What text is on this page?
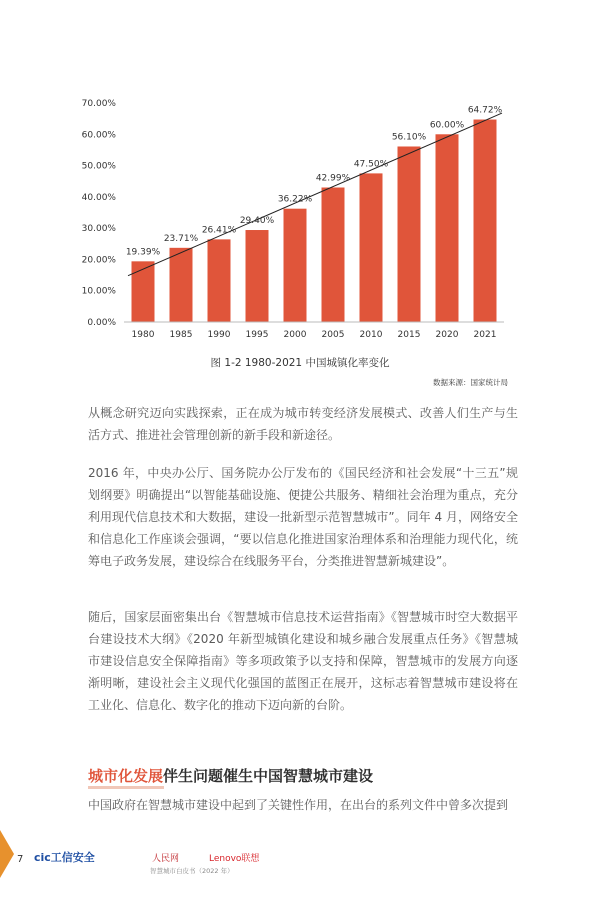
0.00%
10.00%
20.00%
30.00%
40.00%
50.00%
60.00%
70.00%
19.39%
23.71%
26.41%
29.40%
36.22%
42.99%
47.50%
56.10%
60.00%
64.72%
1980 1985 1990 1995 2000 2005 2010 2015 2020 2021
图 1-2 1980-2021 中国城镇化率变化
数据来源：国家统计局

从概念研究迈向实践探索，正在成为城市转变经济发展模式、改善人们生产与生活方式、推进社会管理创新的新手段和新途径。

2016 年，中央办公厅、国务院办公厅发布的《国民经济和社会发展“十三五”规划纲要》明确提出“以智能基础设施、便捷公共服务、精细社会治理为重点，充分利用现代信息技术和大数据，建设一批新型示范智慧城市”。同年 4 月，网络安全和信息化工作座谈会强调，“要以信息化推进国家治理体系和治理能力现代化，统筹电子政务发展，建设综合在线服务平台，分类推进智慧新城建设”。

随后，国家层面密集出台《智慧城市信息技术运营指南》《智慧城市时空大数据平台建设技术大纲》《2020 年新型城镇化建设和城乡融合发展重点任务》《智慧城市建设信息安全保障指南》等多项政策予以支持和保障，智慧城市的发展方向逐渐明晰，建设社会主义现代化强国的蓝图正在展开，这标志着智慧城市建设将在工业化、信息化、数字化的推动下迈向新的台阶。

城市化发展伴生问题催生中国智慧城市建设

中国政府在智慧城市建设中起到了关键性作用，在出台的系列文件中曾多次提到

7 cic工信安全	人民网	Lenovo联想
智慧城市白皮书（2022 年）
